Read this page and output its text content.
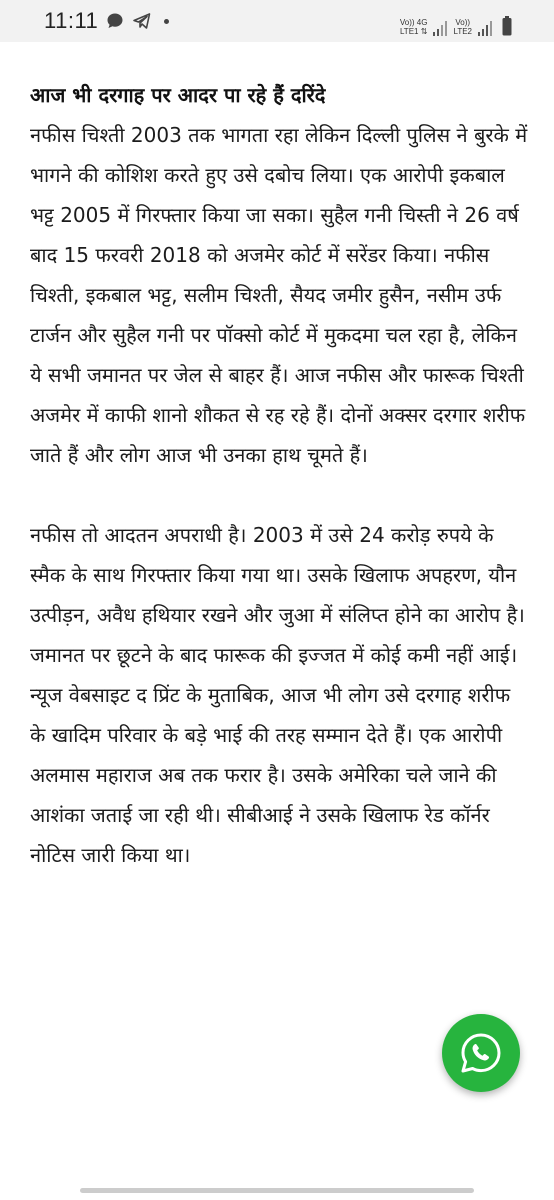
11:11	Vo)) 4G
LTE1 ⇅
Vo))
LTE2
आज भी दरगाह पर आदर पा रहे हैं दरिंदे

नफीस चिश्ती 2003 तक भागता रहा लेकिन दिल्ली पुलिस ने बुरके में भागने की कोशिश करते हुए उसे दबोच लिया। एक आरोपी इकबाल भट्ट 2005 में गिरफ्तार किया जा सका। सुहैल गनी चिस्ती ने 26 वर्ष बाद 15 फरवरी 2018 को अजमेर कोर्ट में सरेंडर किया। नफीस चिश्ती, इकबाल भट्ट, सलीम चिश्ती, सैयद जमीर हुसैन, नसीम उर्फ टार्जन और सुहैल गनी पर पॉक्सो कोर्ट में मुकदमा चल रहा है, लेकिन ये सभी जमानत पर जेल से बाहर हैं। आज नफीस और फारूक चिश्ती अजमेर में काफी शानो शौकत से रह रहे हैं। दोनों अक्सर दरगार शरीफ जाते हैं और लोग आज भी उनका हाथ चूमते हैं।

नफीस तो आदतन अपराधी है। 2003 में उसे 24 करोड़ रुपये के स्मैक के साथ गिरफ्तार किया गया था। उसके खिलाफ अपहरण, यौन उत्पीड़न, अवैध हथियार रखने और जुआ में संलिप्त होने का आरोप है। जमानत पर छूटने के बाद फारूक की इज्जत में कोई कमी नहीं आई। न्यूज वेबसाइट द प्रिंट के मुताबिक, आज भी लोग उसे दरगाह शरीफ के खादिम परिवार के बड़े भाई की तरह सम्मान देते हैं। एक आरोपी अलमास महाराज अब तक फरार है। उसके अमेरिका चले जाने की आशंका जताई जा रही थी। सीबीआई ने उसके खिलाफ रेड कॉर्नर नोटिस जारी किया था।
